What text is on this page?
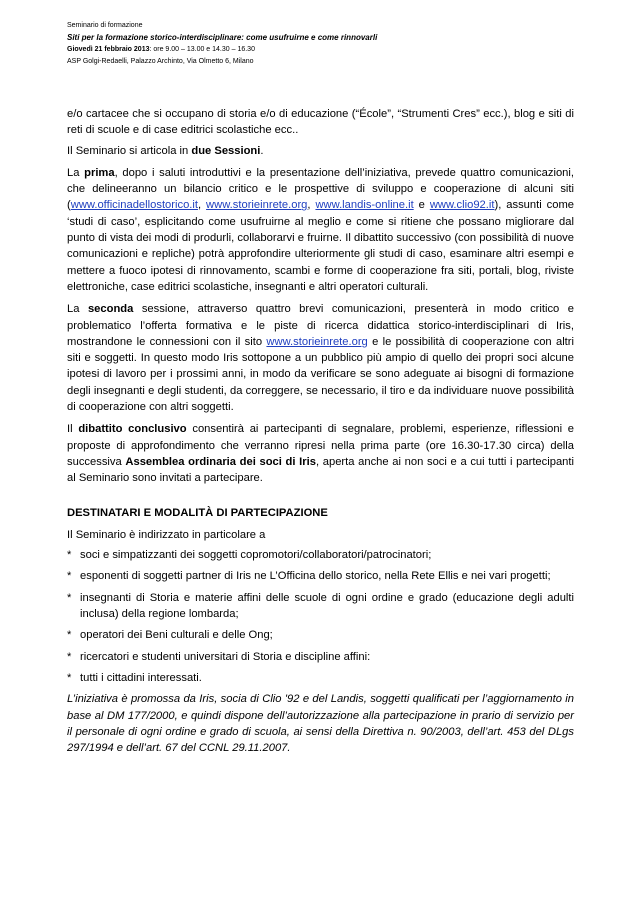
Seminario di formazione
Siti per la formazione storico-interdisciplinare: come usufruirne e come rinnovarli
Giovedì 21 febbraio 2013: ore 9.00 – 13.00 e 14.30 – 16.30
ASP Golgi-Redaelli, Palazzo Archinto, Via Olmetto 6, Milano

e/o cartacee che si occupano di storia e/o di educazione (“École”, “Strumenti Cres” ecc.), blog e siti di reti di scuole e di case editrici scolastiche ecc..

Il Seminario si articola in due Sessioni.

La prima, dopo i saluti introduttivi e la presentazione dell’iniziativa, prevede quattro comunicazioni, che delineeranno un bilancio critico e le prospettive di sviluppo e cooperazione di alcuni siti (www.officinadellostorico.it, www.storieinrete.org, www.landis-online.it e www.clio92.it), assunti come ‘studi di caso’, esplicitando come usufruirne al meglio e come si ritiene che possano migliorare dal punto di vista dei modi di produrli, collaborarvi e fruirne. Il dibattito successivo (con possibilità di nuove comunicazioni e repliche) potrà approfondire ulteriormente gli studi di caso, esaminare altri esempi e mettere a fuoco ipotesi di rinnovamento, scambi e forme di cooperazione fra siti, portali, blog, riviste elettroniche, case editrici scolastiche, insegnanti e altri operatori culturali.

La seconda sessione, attraverso quattro brevi comunicazioni, presenterà in modo critico e problematico l’offerta formativa e le piste di ricerca didattica storico-interdisciplinari di Iris, mostrandone le connessioni con il sito www.storieinrete.org e le possibilità di cooperazione con altri siti e soggetti. In questo modo Iris sottopone a un pubblico più ampio di quello dei propri soci alcune ipotesi di lavoro per i prossimi anni, in modo da verificare se sono adeguate ai bisogni di formazione degli insegnanti e degli studenti, da correggere, se necessario, il tiro e da individuare nuove possibilità di cooperazione con altri soggetti.

Il dibattito conclusivo consentirà ai partecipanti di segnalare, problemi, esperienze, riflessioni e proposte di approfondimento che verranno ripresi nella prima parte (ore 16.30-17.30 circa) della successiva Assemblea ordinaria dei soci di Iris, aperta anche ai non soci e a cui tutti i partecipanti al Seminario sono invitati a partecipare.

DESTINATARI E MODALITÀ DI PARTECIPAZIONE

Il Seminario è indirizzato in particolare a

* soci e simpatizzanti dei soggetti copromotori/collaboratori/patrocinatori;
* esponenti di soggetti partner di Iris ne L’Officina dello storico, nella Rete Ellis e nei vari progetti;
* insegnanti di Storia e materie affini delle scuole di ogni ordine e grado (educazione degli adulti inclusa) della regione lombarda;
* operatori dei Beni culturali e delle Ong;
* ricercatori e studenti universitari di Storia e discipline affini:
* tutti i cittadini interessati.

L’iniziativa è promossa da Iris, socia di Clio '92 e del Landis, soggetti qualificati per l’aggiornamento in base al DM 177/2000, e quindi dispone dell’autorizzazione alla partecipazione in prario di servizio per il personale di ogni ordine e grado di scuola, ai sensi della Direttiva n. 90/2003, dell’art. 453 del DLgs 297/1994 e dell’art. 67 del CCNL 29.11.2007.
